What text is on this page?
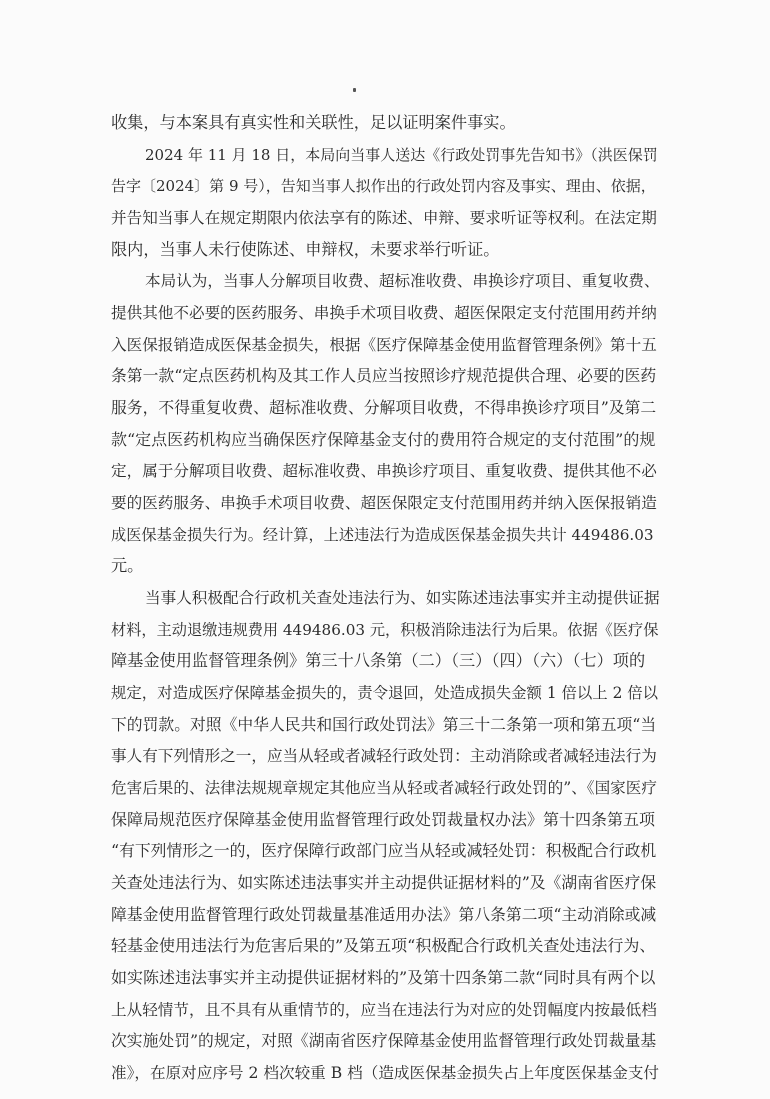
收集，与本案具有真实性和关联性，足以证明案件事实。
2024 年 11 月 18 日，本局向当事人送达《行政处罚事先告知书》（洪医保罚
告字〔2024〕第 9 号），告知当事人拟作出的行政处罚内容及事实、理由、依据，
并告知当事人在规定期限内依法享有的陈述、申辩、要求听证等权利。在法定期
限内，当事人未行使陈述、申辩权，未要求举行听证。
本局认为，当事人分解项目收费、超标准收费、串换诊疗项目、重复收费、
提供其他不必要的医药服务、串换手术项目收费、超医保限定支付范围用药并纳
入医保报销造成医保基金损失，根据《医疗保障基金使用监督管理条例》第十五
条第一款“定点医药机构及其工作人员应当按照诊疗规范提供合理、必要的医药
服务，不得重复收费、超标准收费、分解项目收费，不得串换诊疗项目”及第二
款“定点医药机构应当确保医疗保障基金支付的费用符合规定的支付范围”的规
定，属于分解项目收费、超标准收费、串换诊疗项目、重复收费、提供其他不必
要的医药服务、串换手术项目收费、超医保限定支付范围用药并纳入医保报销造
成医保基金损失行为。经计算，上述违法行为造成医保基金损失共计 449486.03
元。
当事人积极配合行政机关查处违法行为、如实陈述违法事实并主动提供证据
材料，主动退缴违规费用 449486.03 元，积极消除违法行为后果。依据《医疗保
障基金使用监督管理条例》第三十八条第（二）（三）（四）（六）（七）项的
规定，对造成医疗保障基金损失的，责令退回，处造成损失金额 1 倍以上 2 倍以
下的罚款。对照《中华人民共和国行政处罚法》第三十二条第一项和第五项“当
事人有下列情形之一，应当从轻或者减轻行政处罚：主动消除或者减轻违法行为
危害后果的、法律法规规章规定其他应当从轻或者减轻行政处罚的”、《国家医疗
保障局规范医疗保障基金使用监督管理行政处罚裁量权办法》第十四条第五项
“有下列情形之一的，医疗保障行政部门应当从轻或减轻处罚：积极配合行政机
关查处违法行为、如实陈述违法事实并主动提供证据材料的”及《湖南省医疗保
障基金使用监督管理行政处罚裁量基准适用办法》第八条第二项“主动消除或减
轻基金使用违法行为危害后果的”及第五项“积极配合行政机关查处违法行为、
如实陈述违法事实并主动提供证据材料的”及第十四条第二款“同时具有两个以
上从轻情节，且不具有从重情节的，应当在违法行为对应的处罚幅度内按最低档
次实施处罚”的规定，对照《湖南省医疗保障基金使用监督管理行政处罚裁量基
准》，在原对应序号 2 档次较重 B 档（造成医保基金损失占上年度医保基金支付
